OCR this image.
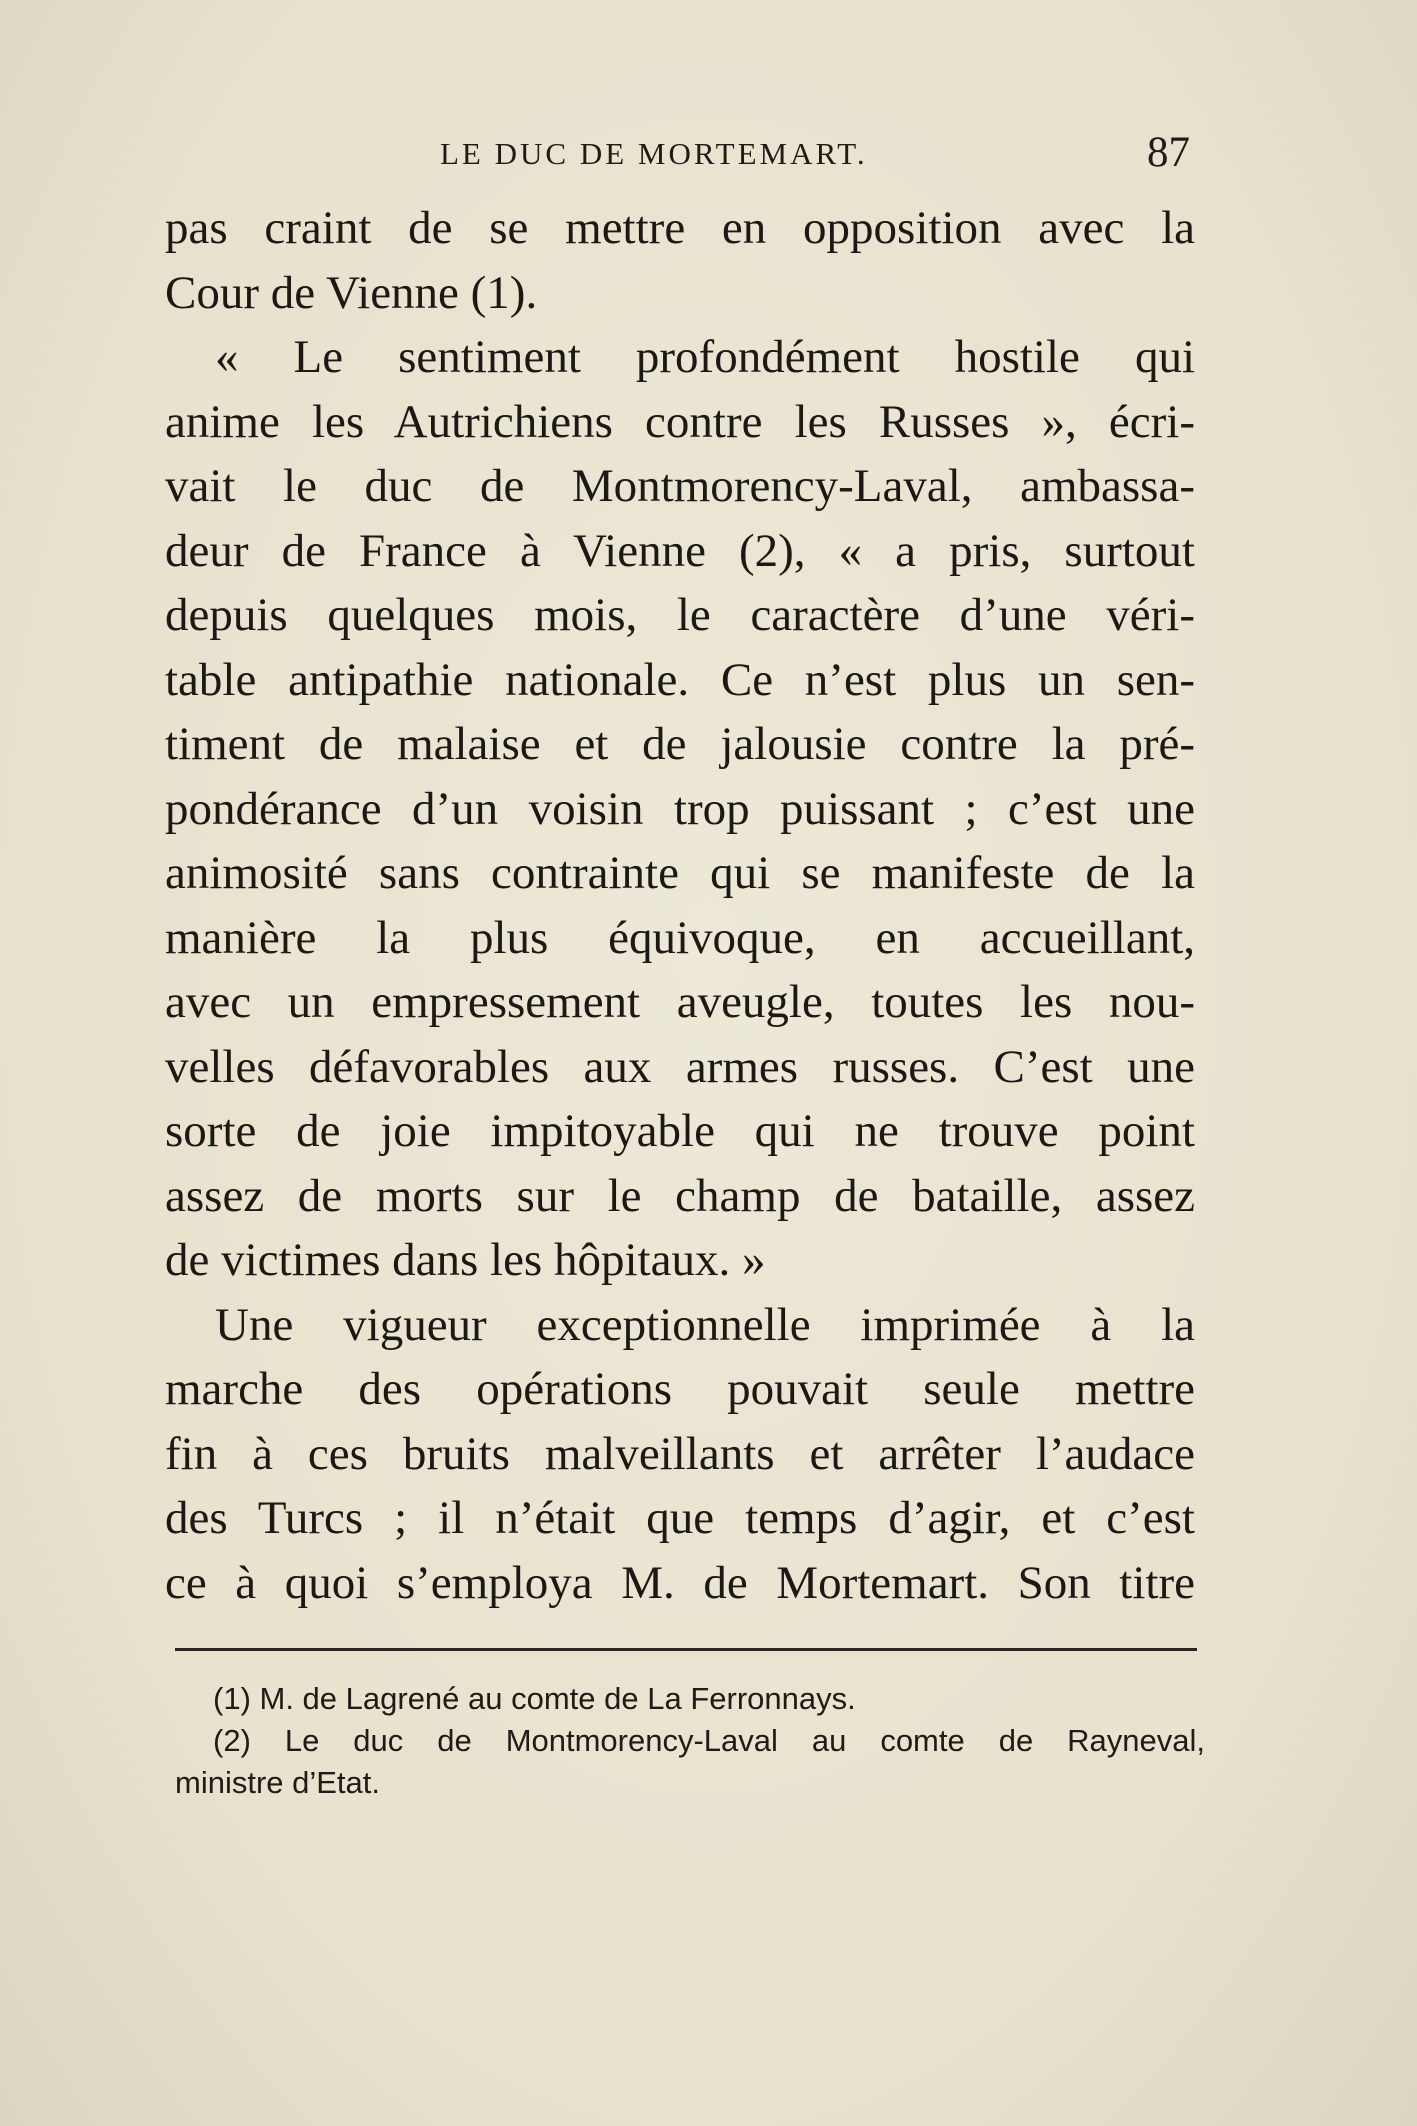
LE DUC DE MORTEMART.	87
pas craint de se mettre en opposition avec la
Cour de Vienne (1).
« Le sentiment profondément hostile qui
anime les Autrichiens contre les Russes », écri-
vait le duc de Montmorency-Laval, ambassa-
deur de France à Vienne (2), « a pris, surtout
depuis quelques mois, le caractère d’une véri-
table antipathie nationale. Ce n’est plus un sen-
timent de malaise et de jalousie contre la pré-
pondérance d’un voisin trop puissant ; c’est une
animosité sans contrainte qui se manifeste de la
manière la plus équivoque, en accueillant,
avec un empressement aveugle, toutes les nou-
velles défavorables aux armes russes. C’est une
sorte de joie impitoyable qui ne trouve point
assez de morts sur le champ de bataille, assez
de victimes dans les hôpitaux. »
Une vigueur exceptionnelle imprimée à la
marche des opérations pouvait seule mettre
fin à ces bruits malveillants et arrêter l’audace
des Turcs ; il n’était que temps d’agir, et c’est
ce à quoi s’employa M. de Mortemart. Son titre
(1) M. de Lagrené au comte de La Ferronnays.
(2) Le duc de Montmorency-Laval au comte de Rayneval,
ministre d’Etat.
